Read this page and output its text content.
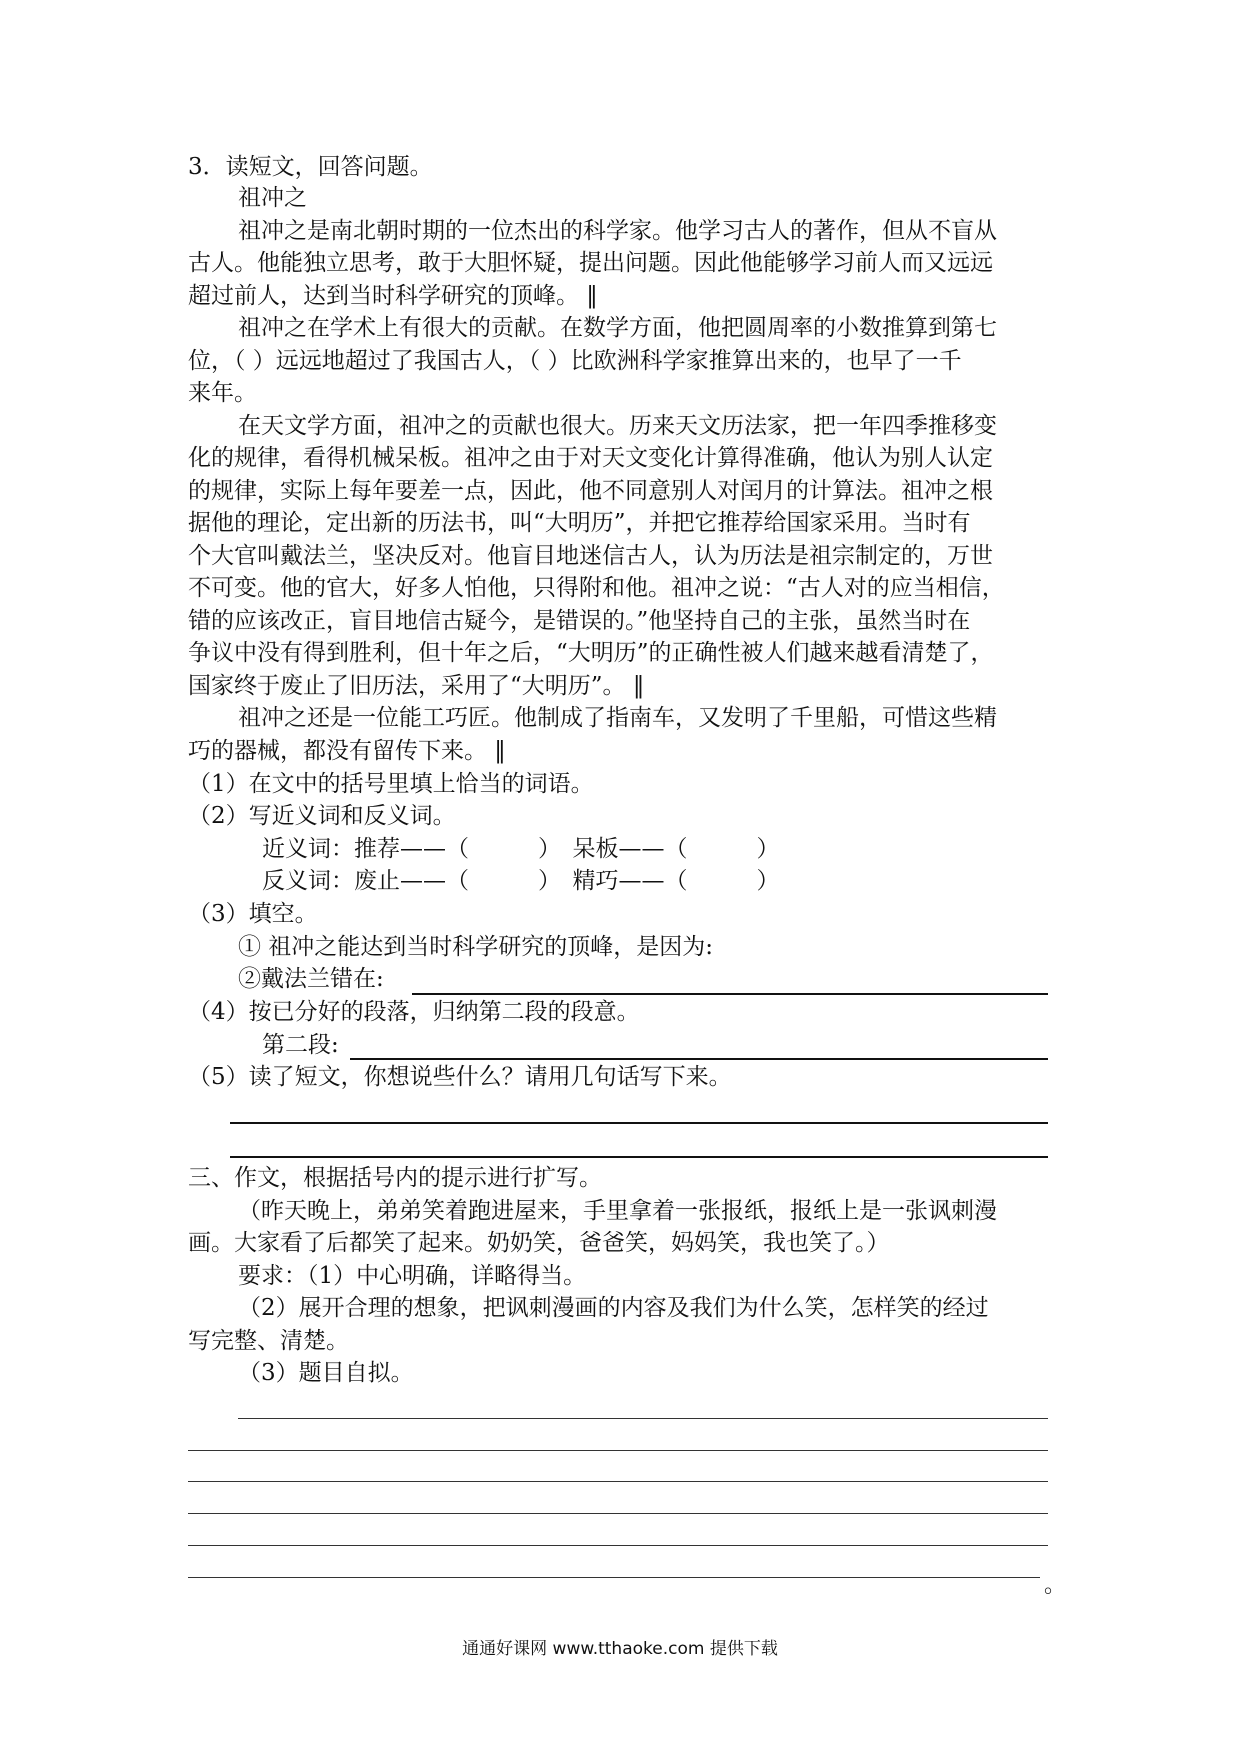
3．读短文，回答问题。
祖冲之
祖冲之是南北朝时期的一位杰出的科学家。他学习古人的著作，但从不盲从
古人。他能独立思考，敢于大胆怀疑，提出问题。因此他能够学习前人而又远远
超过前人，达到当时科学研究的顶峰。 ‖
祖冲之在学术上有很大的贡献。在数学方面，他把圆周率的小数推算到第七
位，（ ）远远地超过了我国古人，（ ）比欧洲科学家推算出来的，也早了一千
来年。
在天文学方面，祖冲之的贡献也很大。历来天文历法家，把一年四季推移变
化的规律，看得机械呆板。祖冲之由于对天文变化计算得准确，他认为别人认定
的规律，实际上每年要差一点，因此，他不同意别人对闰月的计算法。祖冲之根
据他的理论，定出新的历法书，叫“大明历”，并把它推荐给国家采用。当时有
个大官叫戴法兰，坚决反对。他盲目地迷信古人，认为历法是祖宗制定的，万世
不可变。他的官大，好多人怕他，只得附和他。祖冲之说：“古人对的应当相信，
错的应该改正，盲目地信古疑今，是错误的。”他坚持自己的主张，虽然当时在
争议中没有得到胜利，但十年之后，“大明历”的正确性被人们越来越看清楚了，
国家终于废止了旧历法，采用了“大明历”。 ‖
祖冲之还是一位能工巧匠。他制成了指南车，又发明了千里船，可惜这些精
巧的器械，都没有留传下来。 ‖
（1）在文中的括号里填上恰当的词语。
（2）写近义词和反义词。
近义词：推荐——（　　　）　呆板——（　　　）
反义词：废止——（　　　）　精巧——（　　　）
（3）填空。
① 祖冲之能达到当时科学研究的顶峰，是因为:
②戴法兰错在:
（4）按已分好的段落，归纳第二段的段意。
第二段:
（5）读了短文，你想说些什么？请用几句话写下来。
三、作文，根据括号内的提示进行扩写。
（昨天晚上，弟弟笑着跑进屋来，手里拿着一张报纸，报纸上是一张讽刺漫
画。大家看了后都笑了起来。奶奶笑，爸爸笑，妈妈笑，我也笑了。）
要求：（1）中心明确，详略得当。
（2）展开合理的想象，把讽刺漫画的内容及我们为什么笑，怎样笑的经过
写完整、清楚。
（3）题目自拟。
。
通通好课网 www.tthaoke.com 提供下载
